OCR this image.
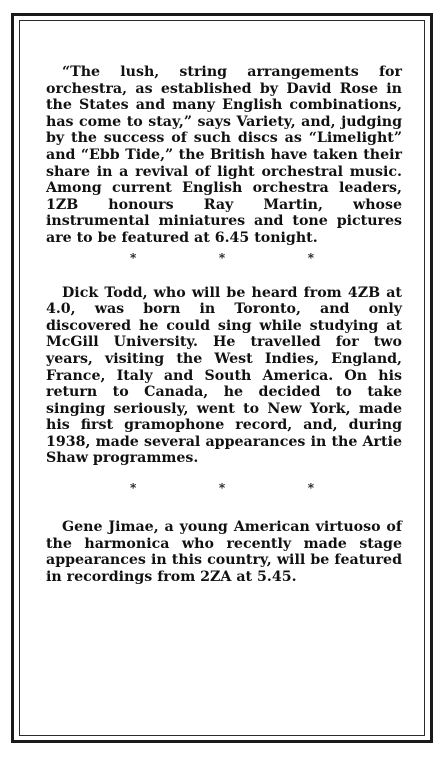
“The lush, string arrangements for orchestra, as established by David Rose in the States and many English combinations, has come to stay,” says Variety, and, judging by the success of such discs as “Limelight” and “Ebb Tide,” the British have taken their share in a revival of light orchestral music. Among current English orchestra leaders, 1ZB honours Ray Martin, whose instrumental miniatures and tone pictures are to be featured at 6.45 tonight.

*	*	*

Dick Todd, who will be heard from 4ZB at 4.0, was born in Toronto, and only discovered he could sing while studying at McGill University. He travelled for two years, visiting the West Indies, England, France, Italy and South America. On his return to Canada, he decided to take singing seriously, went to New York, made his first gramophone record, and, during 1938, made several appearances in the Artie Shaw programmes.

*	*	*

Gene Jimae, a young American virtuoso of the harmonica who recently made stage appearances in this country, will be featured in recordings from 2ZA at 5.45.
